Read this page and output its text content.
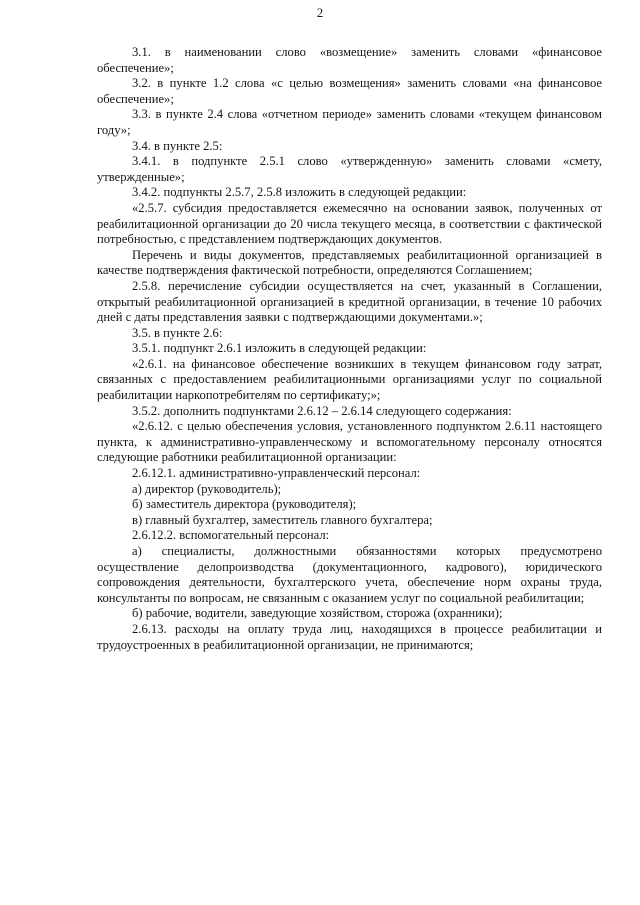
2

3.1. в наименовании слово «возмещение» заменить словами «финансовое обеспечение»;

3.2. в пункте 1.2 слова «с целью возмещения» заменить словами «на финансовое обеспечение»;

3.3. в пункте 2.4 слова «отчетном периоде» заменить словами «текущем финансовом году»;

3.4. в пункте 2.5:

3.4.1. в подпункте 2.5.1 слово «утвержденную» заменить словами «смету, утвержденные»;

3.4.2. подпункты 2.5.7, 2.5.8 изложить в следующей редакции:

«2.5.7. субсидия предоставляется ежемесячно на основании заявок, полученных от реабилитационной организации до 20 числа текущего месяца, в соответствии с фактической потребностью, с представлением подтверждающих документов.

Перечень и виды документов, представляемых реабилитационной организацией в качестве подтверждения фактической потребности, определяются Соглашением;

2.5.8. перечисление субсидии осуществляется на счет, указанный в Соглашении, открытый реабилитационной организацией в кредитной организации, в течение 10 рабочих дней с даты представления заявки с подтверждающими документами.»;

3.5. в пункте 2.6:

3.5.1. подпункт 2.6.1 изложить в следующей редакции:

«2.6.1. на финансовое обеспечение возникших в текущем финансовом году затрат, связанных с предоставлением реабилитационными организациями услуг по социальной реабилитации наркопотребителям по сертификату;»;

3.5.2. дополнить подпунктами 2.6.12 – 2.6.14 следующего содержания:

«2.6.12. с целью обеспечения условия, установленного подпунктом 2.6.11 настоящего пункта, к административно-управленческому и вспомогательному персоналу относятся следующие работники реабилитационной организации:

2.6.12.1. административно-управленческий персонал:

а) директор (руководитель);

б) заместитель директора (руководителя);

в) главный бухгалтер, заместитель главного бухгалтера;

2.6.12.2. вспомогательный персонал:

а) специалисты, должностными обязанностями которых предусмотрено осуществление делопроизводства (документационного, кадрового), юридического сопровождения деятельности, бухгалтерского учета, обеспечение норм охраны труда, консультанты по вопросам, не связанным с оказанием услуг по социальной реабилитации;

б) рабочие, водители, заведующие хозяйством, сторожа (охранники);

2.6.13. расходы на оплату труда лиц, находящихся в процессе реабилитации и трудоустроенных в реабилитационной организации, не принимаются;
